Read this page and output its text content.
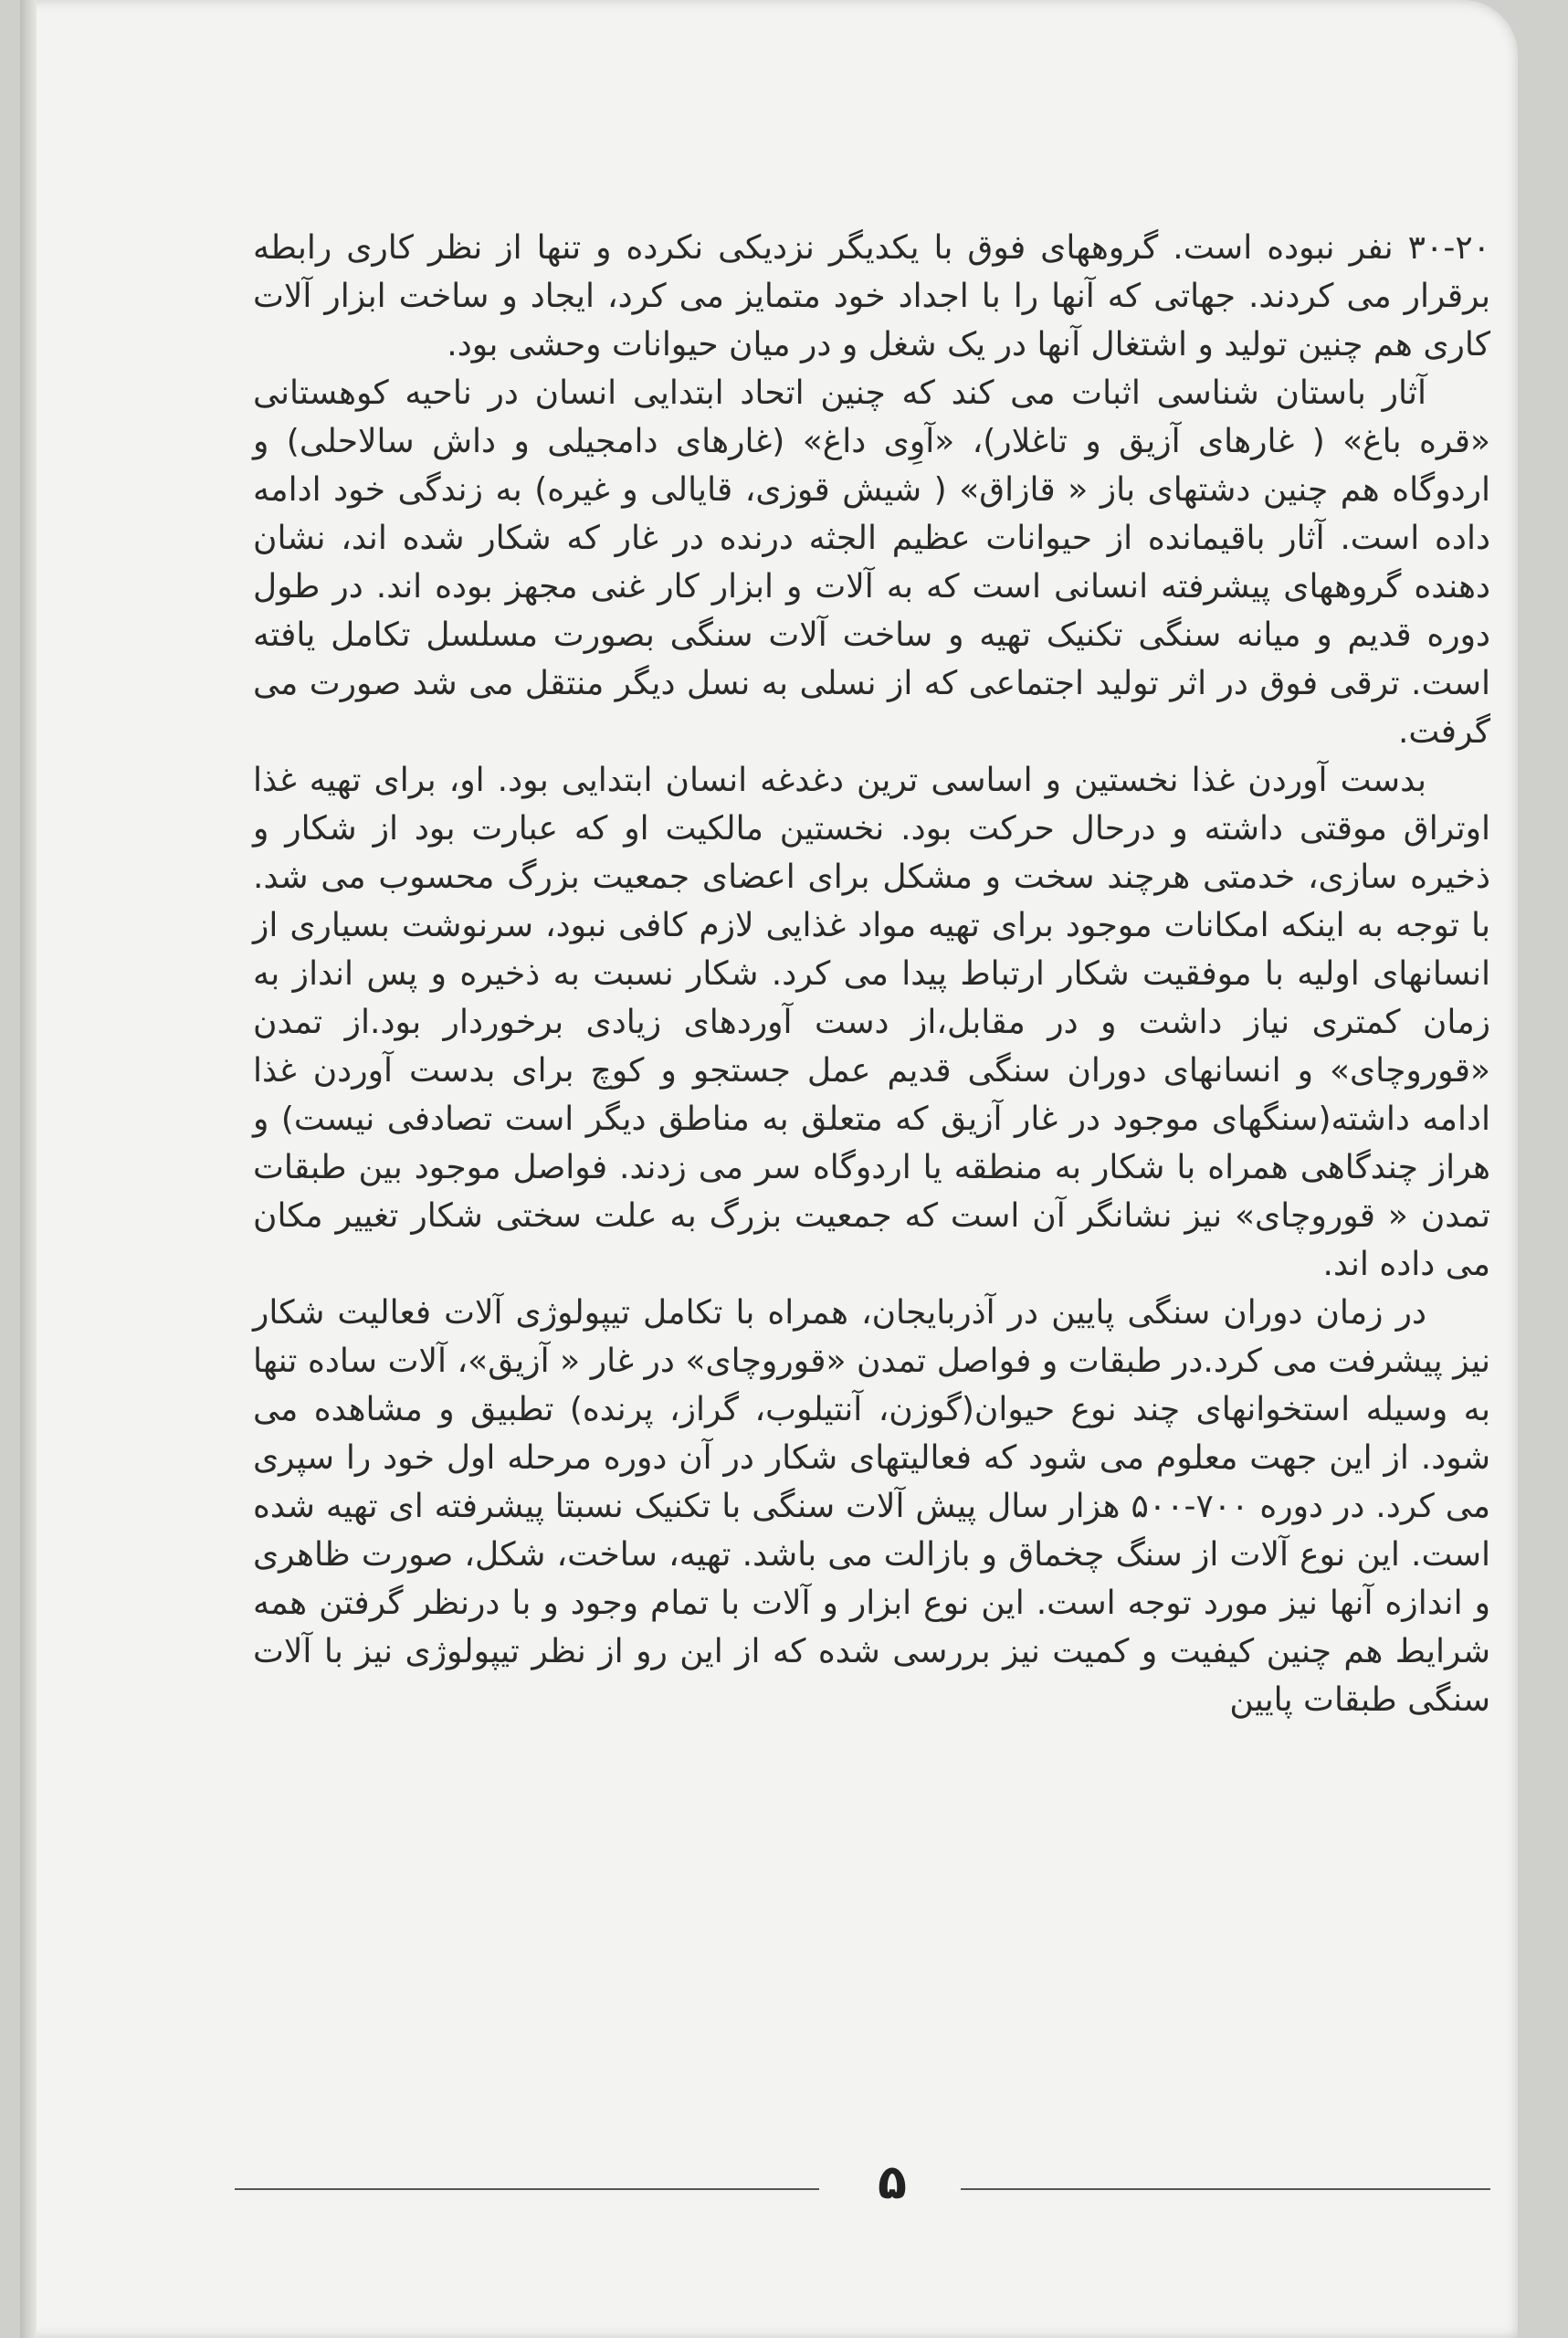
۳۰-۲۰ نفر نبوده است. گروههای فوق با یکدیگر نزدیکی نکرده و تنها از نظر کاری رابطه برقرار می کردند. جهاتی که آنها را با اجداد خود متمایز می کرد، ایجاد و ساخت ابزار آلات کاری هم چنین تولید و اشتغال آنها در یک شغل و در میان حیوانات وحشی بود.

آثار باستان شناسی اثبات می کند که چنین اتحاد ابتدایی انسان در ناحیه کوهستانی «قره باغ» ( غارهای آزیق و تاغلار)، «آوِی داغ» (غارهای دامجیلی و داش سالاحلی) و اردوگاه هم چنین دشتهای باز « قازاق» ( شیش قوزی، قایالی و غیره) به زندگی خود ادامه داده است. آثار باقیمانده از حیوانات عظیم الجثه درنده در غار که شکار شده اند، نشان دهنده گروههای پیشرفته انسانی است که به آلات و ابزار کار غنی مجهز بوده اند. در طول دوره قدیم و میانه سنگی تکنیک تهیه و ساخت آلات سنگی بصورت مسلسل تکامل یافته است. ترقی فوق در اثر تولید اجتماعی که از نسلی به نسل دیگر منتقل می شد صورت می گرفت.

بدست آوردن غذا نخستین و اساسی ترین دغدغه انسان ابتدایی بود. او، برای تهیه غذا اوتراق موقتی داشته و درحال حرکت بود. نخستین مالکیت او که عبارت بود از شکار و ذخیره سازی، خدمتی هرچند سخت و مشکل برای اعضای جمعیت بزرگ محسوب می شد. با توجه به اینکه امکانات موجود برای تهیه مواد غذایی لازم کافی نبود، سرنوشت بسیاری از انسانهای اولیه با موفقیت شکار ارتباط پیدا می کرد. شکار نسبت به ذخیره و پس انداز به زمان کمتری نیاز داشت و در مقابل،از دست آوردهای زیادی برخوردار بود.از تمدن «قوروچای» و انسانهای دوران سنگی قدیم عمل جستجو و کوچ برای بدست آوردن غذا ادامه داشته(سنگهای موجود در غار آزیق که متعلق به مناطق دیگر است تصادفی نیست) و هراز چندگاهی همراه با شکار به منطقه یا اردوگاه سر می زدند. فواصل موجود بین طبقات تمدن « قوروچای» نیز نشانگر آن است که جمعیت بزرگ به علت سختی شکار تغییر مکان می داده اند.

در زمان دوران سنگی پایین در آذربایجان، همراه با تکامل تیپولوژی آلات فعالیت شکار نیز پیشرفت می کرد.در طبقات و فواصل تمدن «قوروچای» در غار « آزیق»، آلات ساده تنها به وسیله استخوانهای چند نوع حیوان(گوزن، آنتیلوب، گراز، پرنده) تطبیق و مشاهده می شود. از این جهت معلوم می شود که فعالیتهای شکار در آن دوره مرحله اول خود را سپری می کرد. در دوره ۷۰۰-۵۰۰ هزار سال پیش آلات سنگی با تکنیک نسبتا پیشرفته ای تهیه شده است. این نوع آلات از سنگ چخماق و بازالت می باشد. تهیه، ساخت، شکل، صورت ظاهری و اندازه آنها نیز مورد توجه است. این نوع ابزار و آلات با تمام وجود و با درنظر گرفتن همه شرایط هم چنین کیفیت و کمیت نیز بررسی شده که از این رو از نظر تیپولوژی نیز با آلات سنگی طبقات پایین

۵
